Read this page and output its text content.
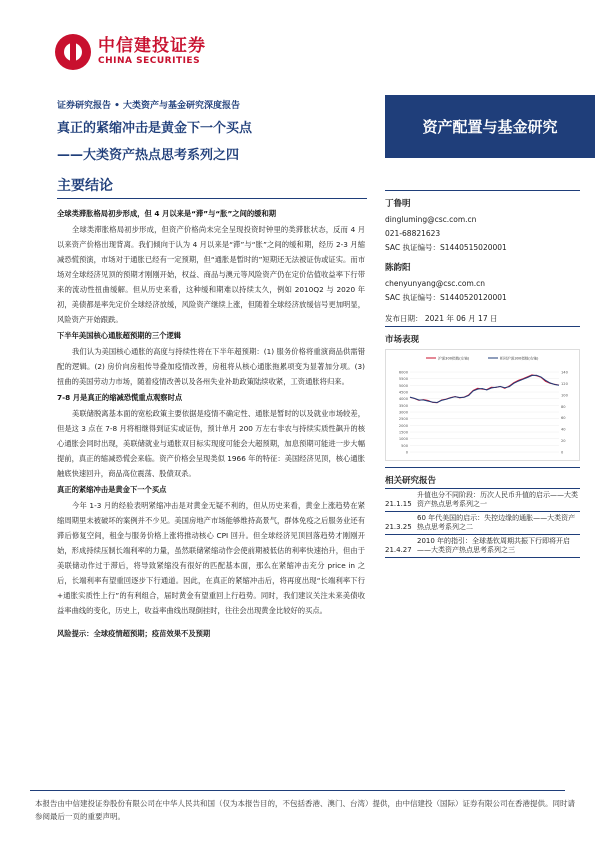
中信建投证券
CHINA SECURITIES
证券研究报告 • 大类资产与基金研究深度报告
真正的紧缩冲击是黄金下一个买点
——大类资产热点思考系列之四
资产配置与基金研究
主要结论
全球类滞胀格局初步形成，但 4 月以来是“滞”与“胀”之间的缓和期

全球类滞胀格局初步形成，但资产价格尚未完全呈现投资时钟里的类滞胀状态，反而 4 月以来资产价格出现背离。我们倾向于认为 4 月以来是“滞”与“胀”之间的缓和期，经历 2-3 月缩减恐慌预演，市场对于通胀已经有一定预期，但“通胀是暂时的”短期还无法被证伪或证实。而市场对全球经济见顶的预期才刚刚开始，权益、商品与澳元等风险资产仍在定价估值收益率下行带来的流动性扭曲缓解。但从历史来看，这种缓和期难以持续太久，例如 2010Q2 与 2020 年初，美债都是率先定价全球经济放缓，风险资产继续上涨，但随着全球经济放缓信号更加明显，风险资产开始跟跌。

下半年美国核心通胀超预期的三个逻辑

我们认为美国核心通胀的高度与持续性将在下半年超预期：(1) 服务价格将重演商品供需错配的逻辑。(2) 房价向房租传导叠加疫情改善，房租将从核心通胀拖累项变为显著加分项。(3) 扭曲的美国劳动力市场，随着疫情改善以及各州失业补助政策陆续收紧，工资通胀将归来。

7-8 月是真正的缩减恐慌重点观察时点

美联储脱离基本面的宽松政策主要依据是疫情不确定性、通胀是暂时的以及就业市场较差，但是这 3 点在 7-8 月将相继得到证实或证伪，预计单月 200 万左右非农与持续实质性飙升的核心通胀会同时出现，美联储就业与通胀双目标实现度可能会大超预期，加息预期可能进一步大幅提前，真正的缩减恐慌会来临。资产价格会呈现类似 1966 年的特征：美国经济见顶，核心通胀触底快速回升，商品高位震荡、股债双杀。

真正的紧缩冲击是黄金下一个买点

今年 1-3 月的经验表明紧缩冲击是对黄金无疑不利的，但从历史来看，黄金上涨趋势在紧缩周期里未被破坏的案例并不少见。美国房地产市场能够维持高景气，群体免疫之后服务业还有滞后修复空间，租金与服务价格上涨将推动核心 CPI 回升。但全球经济见顶回落趋势才刚刚开始，形成持续压制长端利率的力量，虽然联储紧缩动作会使前期被低估的利率快速抬升，但由于美联储动作过于滞后，将导致紧缩没有很好的匹配基本面，那么在紧缩冲击充分 price in 之后，长端利率有望重回逐步下行通道。因此，在真正的紧缩冲击后，将再度出现“长端利率下行+通胀实质性上行”的有利组合，届时黄金有望重回上行趋势。同时，我们建议关注未来美债收益率曲线的变化，历史上，收益率曲线出现倒挂时，往往会出现黄金比较好的买点。

风险提示：全球疫情超预期；疫苗效果不及预期
丁鲁明
dingluming@csc.com.cn
021-68821623
SAC 执证编号：S1440515020001
陈韵阳
chenyunyang@csc.com.cn
SAC 执证编号：S1440520120001
发布日期： 2021 年 06 月 17 日
市场表现
0
500
1000
1500
2000
2500
3000
3500
4000
4500
5000
5500
6000
0
20
40
60
80
100
120
140
沪深300指数(左轴)	相对沪深300指数(右轴)
相关研究报告
21.1.15
升值也分不同阶段：历次人民币升值的启示——大类资产热点思考系列之一
21.3.25
60 年代美国的启示：失控边缘的通胀——大类资产热点思考系列之二
21.4.27
2010 年的指引：全球基钦周期共振下行即将开启——大类资产热点思考系列之三
本报告由中信建投证券股份有限公司在中华人民共和国（仅为本报告目的，不包括香港、澳门、台湾）提供，由中信建投（国际）证券有限公司在香港提供。同时请参阅最后一页的重要声明。
